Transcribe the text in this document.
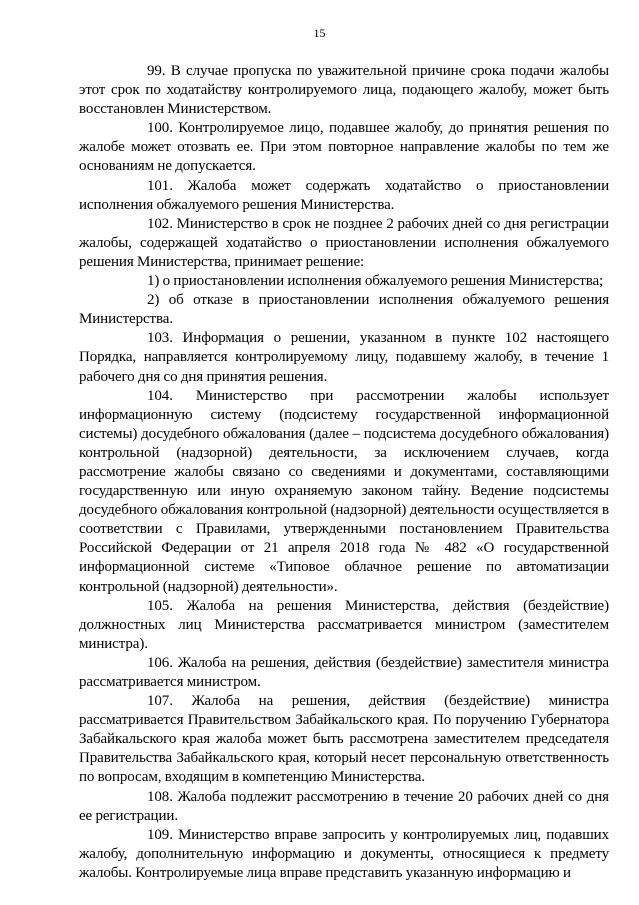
15

99. В случае пропуска по уважительной причине срока подачи жалобы этот срок по ходатайству контролируемого лица, подающего жалобу, может быть восстановлен Министерством.

100. Контролируемое лицо, подавшее жалобу, до принятия решения по жалобе может отозвать ее. При этом повторное направление жалобы по тем же основаниям не допускается.

101. Жалоба может содержать ходатайство о приостановлении исполнения обжалуемого решения Министерства.

102. Министерство в срок не позднее 2 рабочих дней со дня регистрации жалобы, содержащей ходатайство о приостановлении исполнения обжалуемого решения Министерства, принимает решение:

1) о приостановлении исполнения обжалуемого решения Министерства;

2) об отказе в приостановлении исполнения обжалуемого решения Министерства.

103. Информация о решении, указанном в пункте 102 настоящего Порядка, направляется контролируемому лицу, подавшему жалобу, в течение 1 рабочего дня со дня принятия решения.

104. Министерство при рассмотрении жалобы использует информационную систему (подсистему государственной информационной системы) досудебного обжалования (далее – подсистема досудебного обжалования) контрольной (надзорной) деятельности, за исключением случаев, когда рассмотрение жалобы связано со сведениями и документами, составляющими государственную или иную охраняемую законом тайну. Ведение подсистемы досудебного обжалования контрольной (надзорной) деятельности осуществляется в соответствии с Правилами, утвержденными постановлением Правительства Российской Федерации от 21 апреля 2018 года № 482 «О государственной информационной системе «Типовое облачное решение по автоматизации контрольной (надзорной) деятельности».

105. Жалоба на решения Министерства, действия (бездействие) должностных лиц Министерства рассматривается министром (заместителем министра).

106. Жалоба на решения, действия (бездействие) заместителя министра рассматривается министром.

107. Жалоба на решения, действия (бездействие) министра рассматривается Правительством Забайкальского края. По поручению Губернатора Забайкальского края жалоба может быть рассмотрена заместителем председателя Правительства Забайкальского края, который несет персональную ответственность по вопросам, входящим в компетенцию Министерства.

108. Жалоба подлежит рассмотрению в течение 20 рабочих дней со дня ее регистрации.

109. Министерство вправе запросить у контролируемых лиц, подавших жалобу, дополнительную информацию и документы, относящиеся к предмету жалобы. Контролируемые лица вправе представить указанную информацию и
